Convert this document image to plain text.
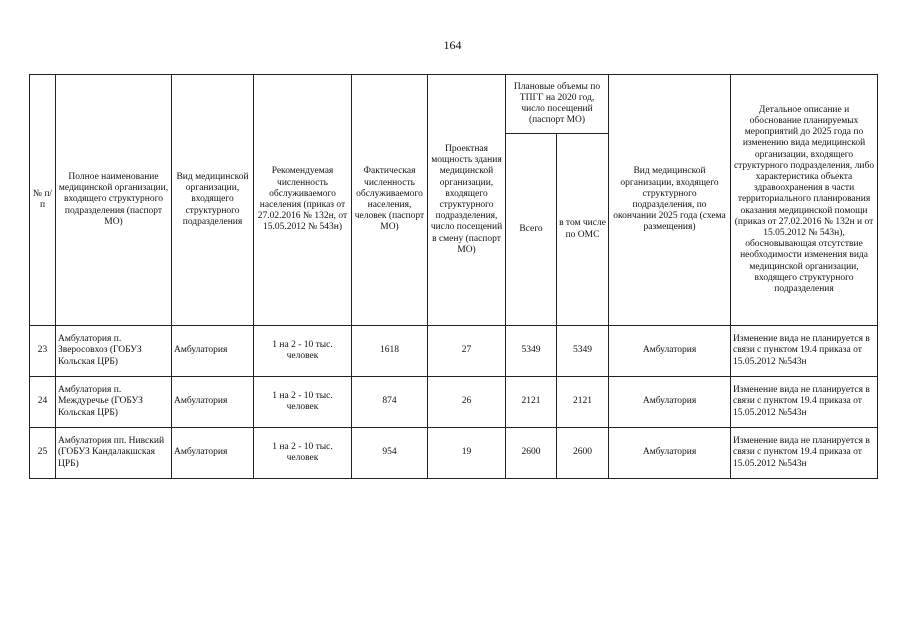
164
№ п/п	Полное наименование медицинской организации, входящего структурного подразделения (паспорт МО)	Вид медицинской организации, входящего структурного подразделения	Рекомендуемая численность обслуживаемого населения (приказ от 27.02.2016 № 132н, от 15.05.2012 № 543н)	Фактическая численность обслуживаемого населения, человек (паспорт МО)	Проектная мощность здания медицинской организации, входящего структурного подразделения, число посещений в смену (паспорт МО)	Плановые объемы по ТПГГ на 2020 год, число посещений (паспорт МО)		Вид медицинской организации, входящего структурного подразделения, по окончании 2025 года (схема размещения)	Детальное описание и обоснование планируемых мероприятий до 2025 года по изменению вида медицинской организации, входящего структурного подразделения, либо характеристика объекта здравоохранения в части территориального планирования оказания медицинской помощи (приказ от 27.02.2016 № 132н и от 15.05.2012 № 543н), обосновывающая отсутствие необходимости изменения вида медицинской организации, входящего структурного подразделения
						Всего	в том числе по ОМС		
23	Амбулатория п. Зверосовхоз (ГОБУЗ Кольская ЦРБ)	Амбулатория	1 на 2 - 10 тыс. человек	1618	27	5349	5349	Амбулатория	Изменение вида не планируется в связи с пунктом 19.4 приказа от 15.05.2012 №543н
24	Амбулатория п. Междуречье (ГОБУЗ Кольская ЦРБ)	Амбулатория	1 на 2 - 10 тыс. человек	874	26	2121	2121	Амбулатория	Изменение вида не планируется в связи с пунктом 19.4 приказа от 15.05.2012 №543н
25	Амбулатория пп. Нивский (ГОБУЗ Кандалакшская ЦРБ)	Амбулатория	1 на 2 - 10 тыс. человек	954	19	2600	2600	Амбулатория	Изменение вида не планируется в связи с пунктом 19.4 приказа от 15.05.2012 №543н
